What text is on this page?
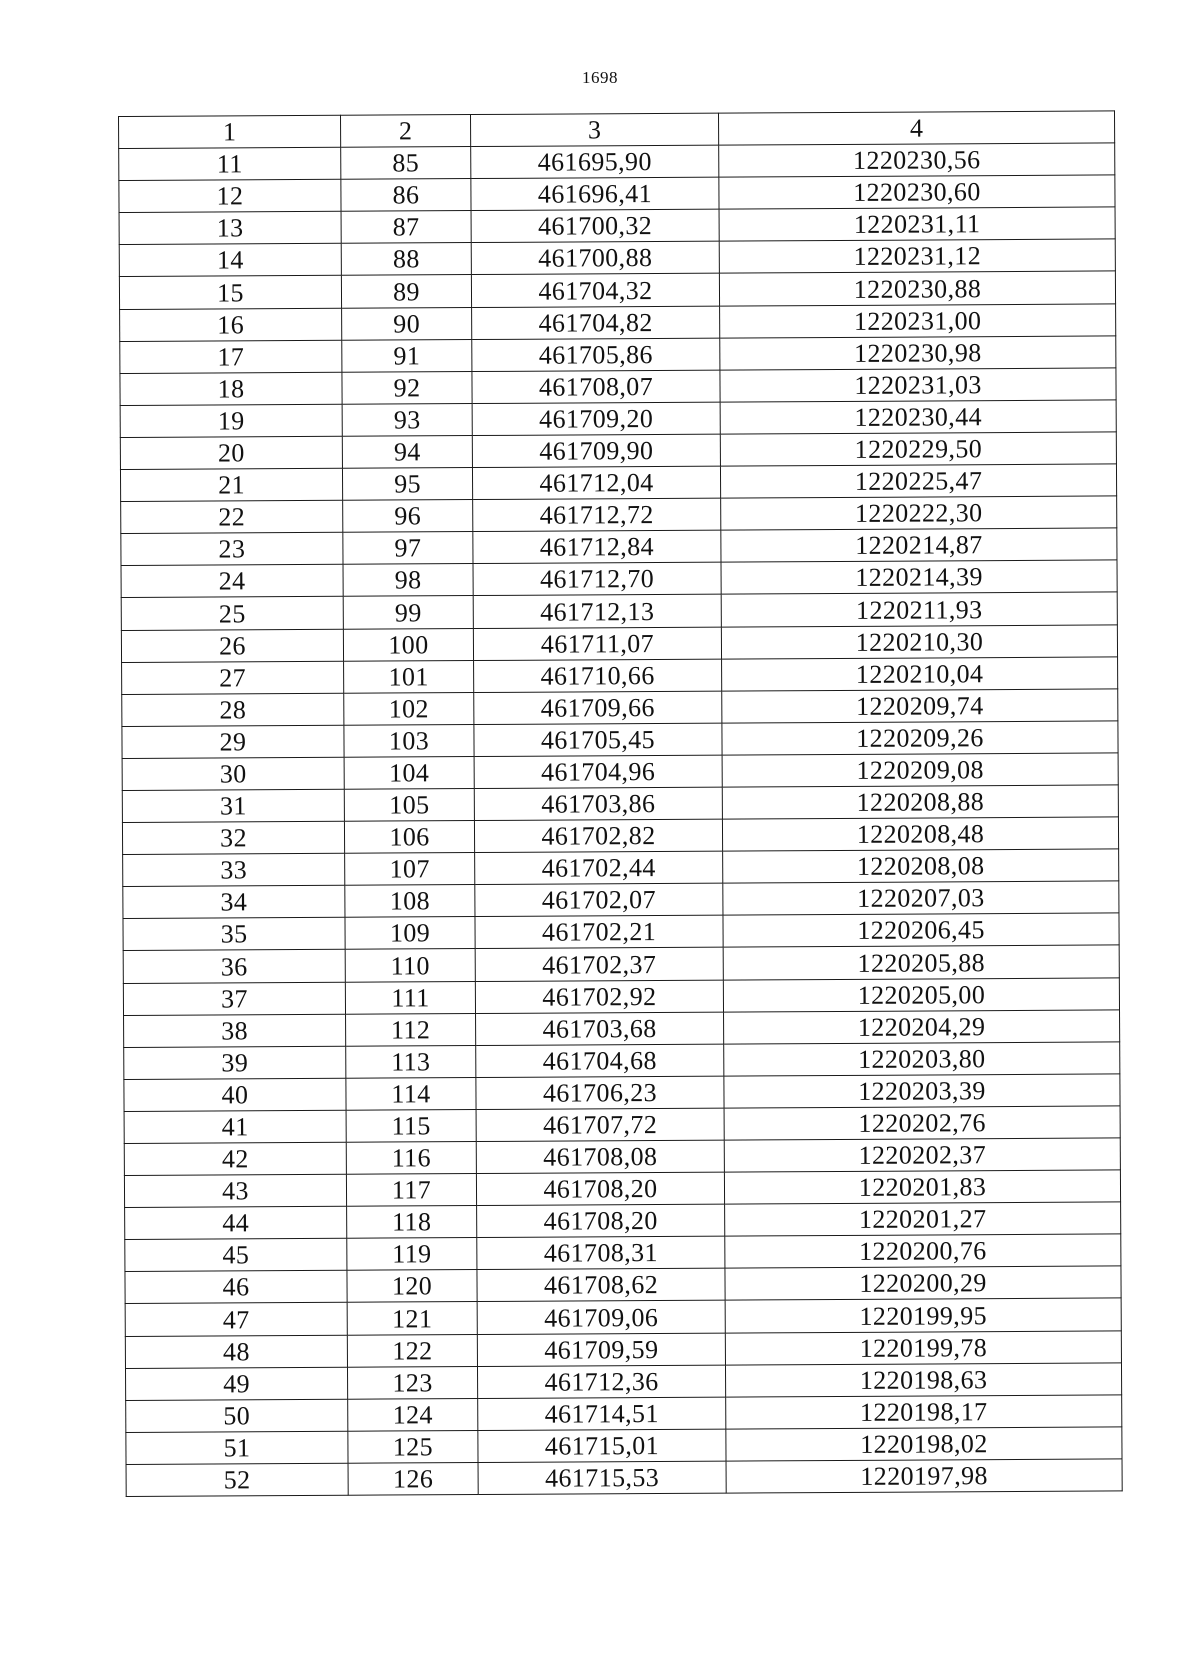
1698
1	2	3	4
11	85	461695,90	1220230,56
12	86	461696,41	1220230,60
13	87	461700,32	1220231,11
14	88	461700,88	1220231,12
15	89	461704,32	1220230,88
16	90	461704,82	1220231,00
17	91	461705,86	1220230,98
18	92	461708,07	1220231,03
19	93	461709,20	1220230,44
20	94	461709,90	1220229,50
21	95	461712,04	1220225,47
22	96	461712,72	1220222,30
23	97	461712,84	1220214,87
24	98	461712,70	1220214,39
25	99	461712,13	1220211,93
26	100	461711,07	1220210,30
27	101	461710,66	1220210,04
28	102	461709,66	1220209,74
29	103	461705,45	1220209,26
30	104	461704,96	1220209,08
31	105	461703,86	1220208,88
32	106	461702,82	1220208,48
33	107	461702,44	1220208,08
34	108	461702,07	1220207,03
35	109	461702,21	1220206,45
36	110	461702,37	1220205,88
37	111	461702,92	1220205,00
38	112	461703,68	1220204,29
39	113	461704,68	1220203,80
40	114	461706,23	1220203,39
41	115	461707,72	1220202,76
42	116	461708,08	1220202,37
43	117	461708,20	1220201,83
44	118	461708,20	1220201,27
45	119	461708,31	1220200,76
46	120	461708,62	1220200,29
47	121	461709,06	1220199,95
48	122	461709,59	1220199,78
49	123	461712,36	1220198,63
50	124	461714,51	1220198,17
51	125	461715,01	1220198,02
52	126	461715,53	1220197,98
